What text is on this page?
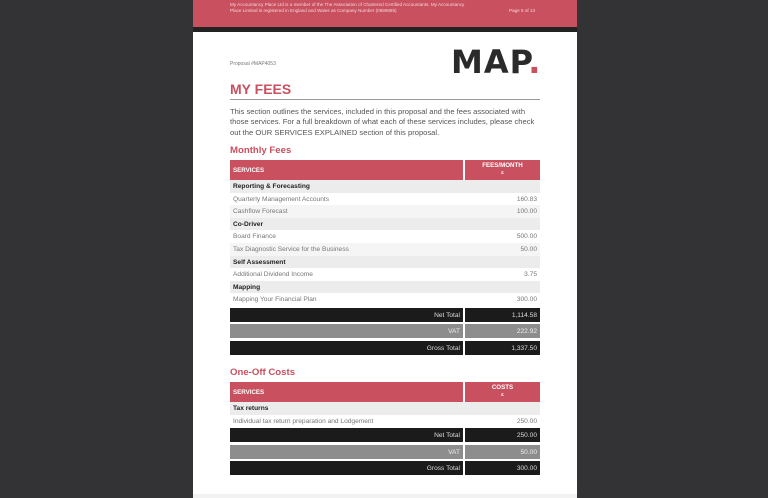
My Accountancy Place Ltd is a member of the The Association of Chartered Certified Accountants. My Accountancy Place Limited is registered in England and Wales as Company Number (0899685)	Page 5 of 13
Proposal #MAP4053	MAP.
MY FEES
This section outlines the services, included in this proposal and the fees associated with those services. For a full breakdown of what each of these services includes, please check out the OUR SERVICES EXPLAINED section of this proposal.
Monthly Fees
SERVICES
FEES/MONTH
£
Reporting & Forecasting
Quarterly Management Accounts	160.83
Cashflow Forecast	100.00
Co-Driver
Board Finance	500.00
Tax Diagnostic Service for the Business	50.00
Self Assessment
Additional Dividend Income	3.75
Mapping
Mapping Your Financial Plan	300.00
Net Total	1,114.58
VAT	222.92
Gross Total	1,337.50
One-Off Costs
SERVICES
COSTS
£
Tax returns
Individual tax return preparation and Lodgement	250.00
Net Total	250.00
VAT	50.00
Gross Total	300.00
